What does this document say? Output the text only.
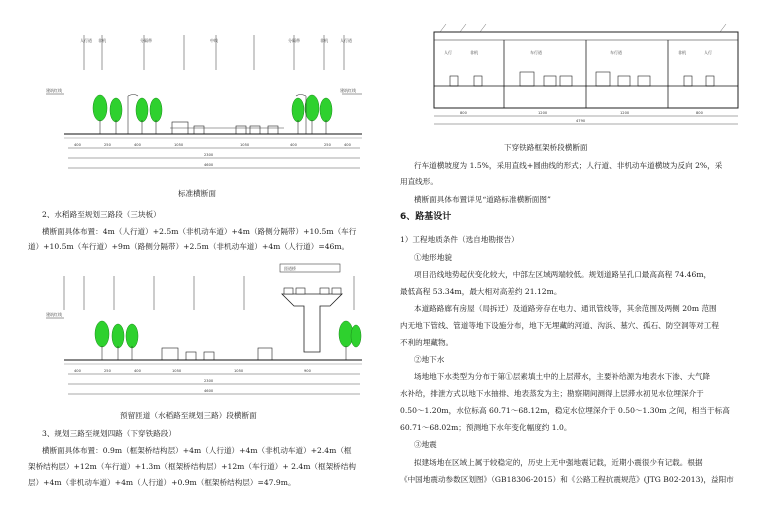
人行道 非机	分隔带	中线	分隔带	非机	人行道
建筑红线	建筑红线
400	250	400	1050	1050	400	250	400
2300
4600
标准横断面

2、水稻路至规划三路段（三块板）

横断面具体布置：4m（人行道）+2.5m（非机动车道）+4m（路侧分隔带）+10.5m（车行

道）+10.5m（车行道）+9m（路侧分隔带）+2.5m（非机动车道）+4m（人行道）=46m。

匝道桥
建筑红线
400	250	400	1050	1050	900
2300
4600
预留匝道（水稻路至规划三路）段横断面

3、规划三路至规划四路（下穿铁路段）

横断面具体布置：0.9m（框架桥结构层）+4m（人行道）+4m（非机动车道）+2.4m（框

架桥结构层）+12m（车行道）+1.3m（框架桥结构层）+12m（车行道）+ 2.4m（框架桥结构

层）+4m（非机动车道）+4m（人行道）+0.9m（框架桥结构层）=47.9m。

人行	非机	车行道	车行道	非机	人行
800	1200	1200	800
4790
下穿铁路框架桥段横断面

行车道横坡度为 1.5%，采用直线+圆曲线的形式；人行道、非机动车道横坡为反向 2%，采

用直线形。

横断面具体布置详见“道路标准横断面图”

6、路基设计

1）工程地质条件（选自地勘报告）

①地形地貌

项目沿线地势起伏变化较大，中部左区域两端较低。规划道路呈孔口最高高程 74.46m，

最低高程 53.34m，最大相对高差约 21.12m。

本道路路廊有房屋（局拆迁）及道路旁存在电力、通讯管线等，其余范围及两侧 20m 范围

内无地下管线、管道等地下设施分布，地下无埋藏的河道、沟浜、墓穴、孤石、防空洞等对工程

不利的埋藏物。

②地下水

场地地下水类型为分布于第①层素填土中的上层滞水，主要补给源为地表水下渗、大气降

水补给，排泄方式以地下水抽排、地表蒸发为主；勘察期间测得上层滞水初见水位埋深介于

0.50～1.20m，水位标高 60.71～68.12m，稳定水位埋深介于 0.50～1.30m 之间，相当于标高

60.71～68.02m；预测地下水年变化幅度约 1.0。

③地震

拟建场地在区域上属于较稳定的，历史上无中强地震记载，近期小震很少有记载。根据

《中国地震动参数区划图》（GB18306-2015）和《公路工程抗震规范》(JTG B02-2013)，益阳市
